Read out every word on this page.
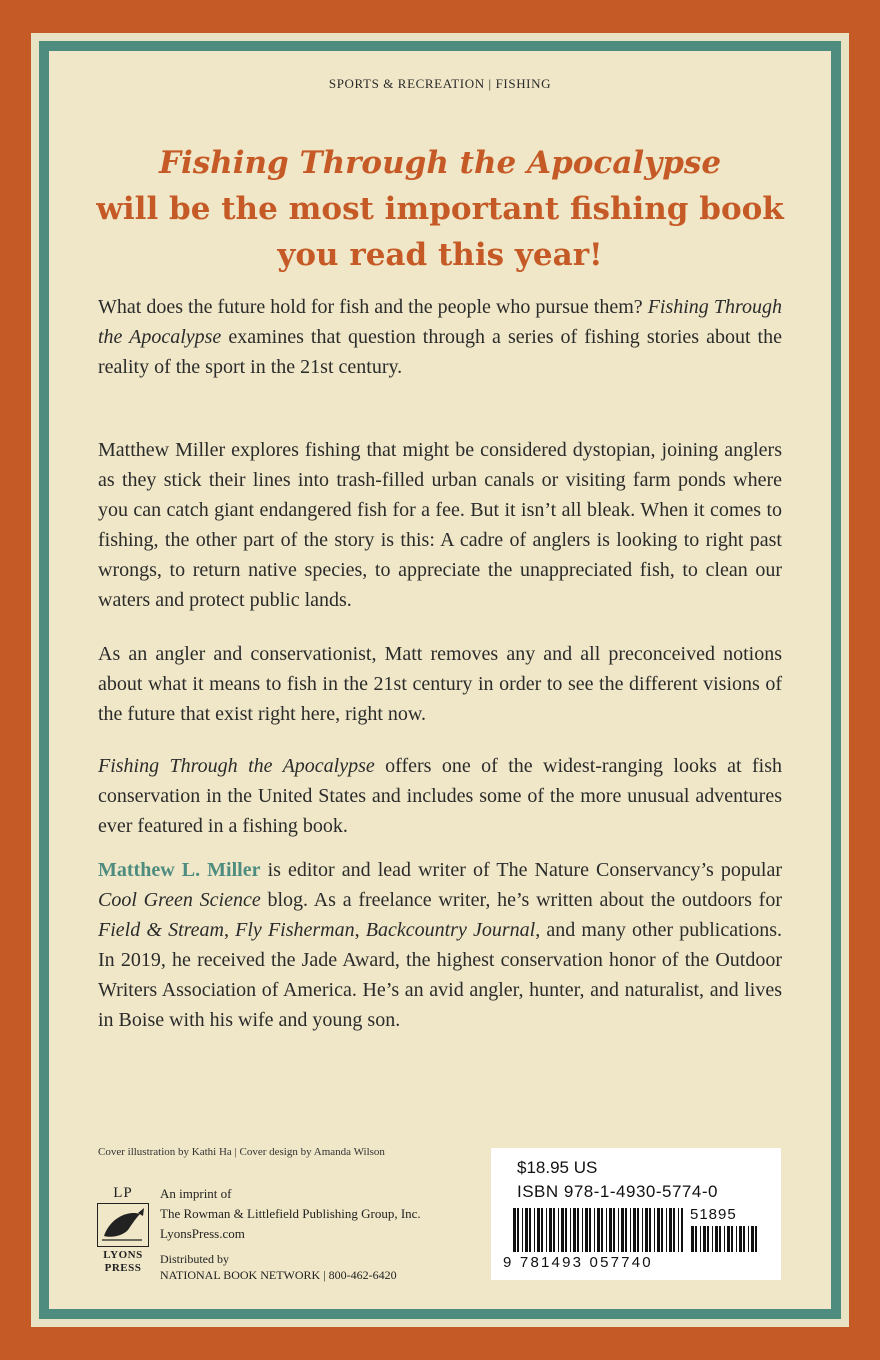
SPORTS & RECREATION | FISHING
Fishing Through the Apocalypse
will be the most important fishing book
you read this year!
What does the future hold for fish and the people who pursue them? Fishing Through the Apocalypse examines that question through a series of fishing stories about the reality of the sport in the 21st century.
Matthew Miller explores fishing that might be considered dystopian, joining anglers as they stick their lines into trash-filled urban canals or visiting farm ponds where you can catch giant endangered fish for a fee. But it isn’t all bleak. When it comes to fishing, the other part of the story is this: A cadre of anglers is looking to right past wrongs, to return native species, to appreciate the unappreciated fish, to clean our waters and protect public lands.
As an angler and conservationist, Matt removes any and all preconceived notions about what it means to fish in the 21st century in order to see the different visions of the future that exist right here, right now.
Fishing Through the Apocalypse offers one of the widest-ranging looks at fish conservation in the United States and includes some of the more unusual adventures ever featured in a fishing book.
Matthew L. Miller is editor and lead writer of The Nature Conservancy’s popular Cool Green Science blog. As a freelance writer, he’s written about the outdoors for Field & Stream, Fly Fisherman, Backcountry Journal, and many other publications. In 2019, he received the Jade Award, the highest conservation honor of the Outdoor Writers Association of America. He’s an avid angler, hunter, and naturalist, and lives in Boise with his wife and young son.
Cover illustration by Kathi Ha | Cover design by Amanda Wilson
LP
LYONS
PRESS
An imprint of
The Rowman & Littlefield Publishing Group, Inc.
LyonsPress.com
Distributed by
NATIONAL BOOK NETWORK | 800-462-6420
$18.95 US
ISBN 978-1-4930-5774-0
51895
9 781493 057740
